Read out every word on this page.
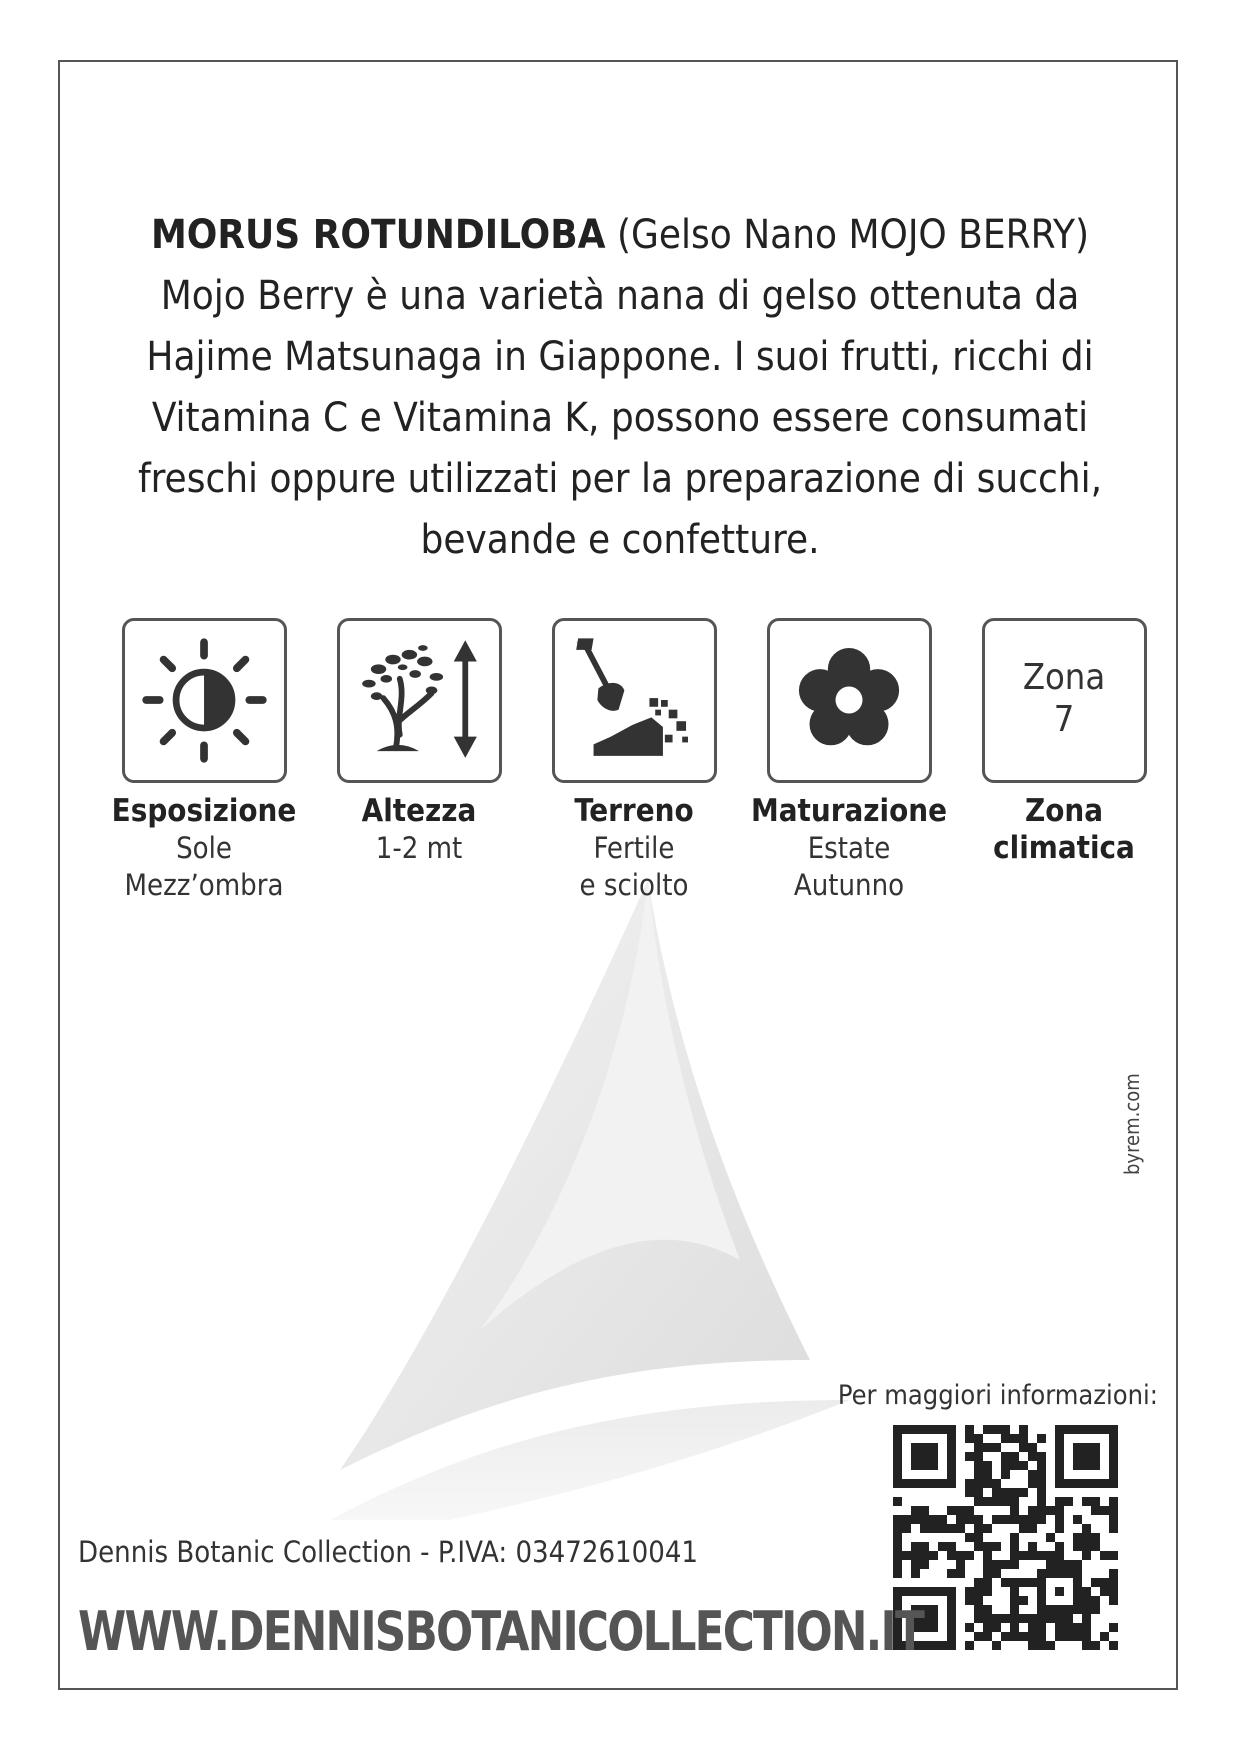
MORUS ROTUNDILOBA (Gelso Nano MOJO BERRY)
Mojo Berry è una varietà nana di gelso ottenuta da
Hajime Matsunaga in Giappone. I suoi frutti, ricchi di
Vitamina C e Vitamina K, possono essere consumati
freschi oppure utilizzati per la preparazione di succhi,
bevande e confetture.
Esposizione
Sole
Mezz’ombra
Altezza
1-2 mt
Terreno
Fertile
e sciolto
Maturazione
Estate
Autunno
Zona
7
Zona
climatica
byrem.com
Per maggiori informazioni:
Dennis Botanic Collection - P.IVA: 03472610041
WWW.DENNISBOTANICOLLECTION.IT
